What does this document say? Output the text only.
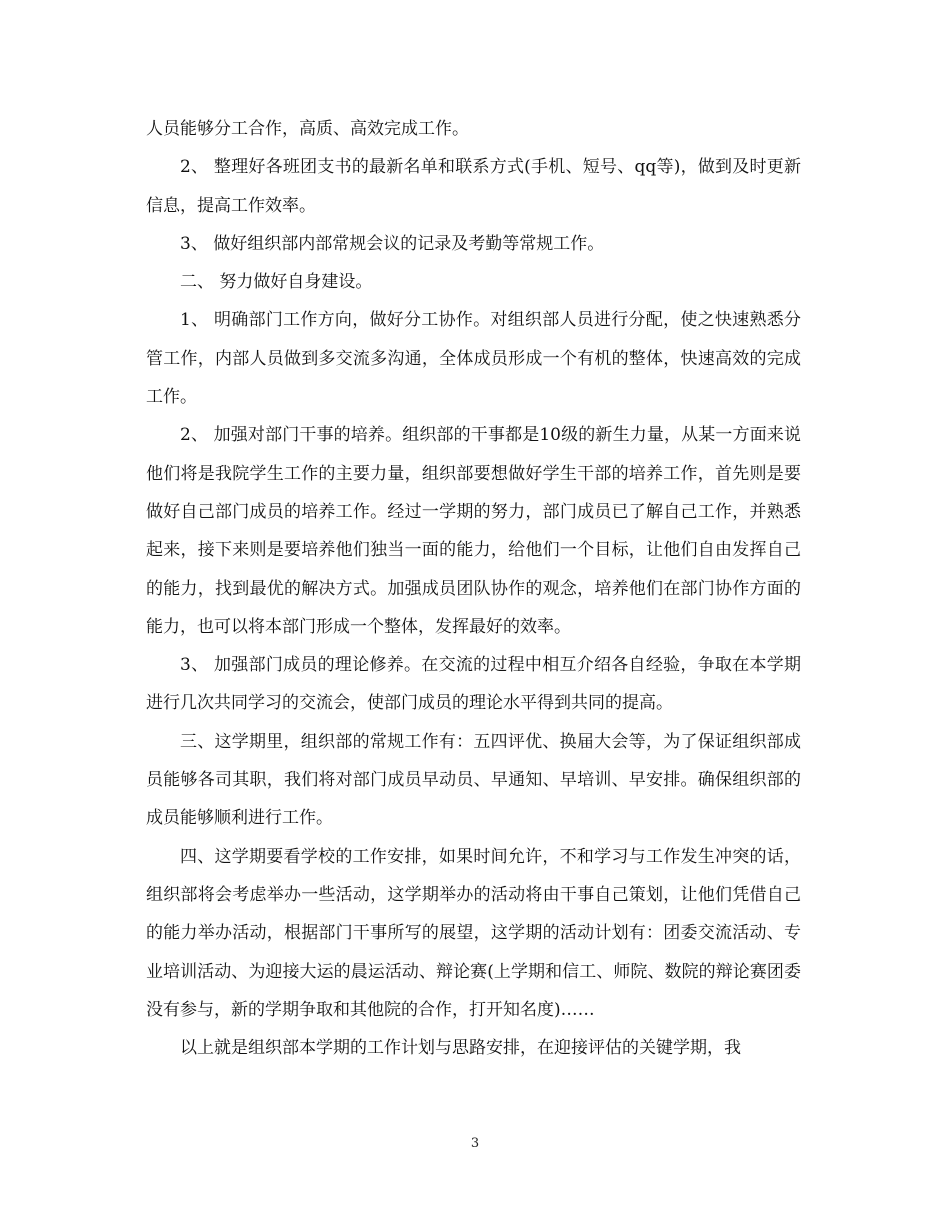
人员能够分工合作，高质、高效完成工作。

2、 整理好各班团支书的最新名单和联系方式(手机、短号、qq等)，做到及时更新信息，提高工作效率。

3、 做好组织部内部常规会议的记录及考勤等常规工作。

二、 努力做好自身建设。

1、 明确部门工作方向，做好分工协作。对组织部人员进行分配，使之快速熟悉分管工作，内部人员做到多交流多沟通，全体成员形成一个有机的整体，快速高效的完成工作。

2、 加强对部门干事的培养。组织部的干事都是10级的新生力量，从某一方面来说他们将是我院学生工作的主要力量，组织部要想做好学生干部的培养工作，首先则是要做好自己部门成员的培养工作。经过一学期的努力，部门成员已了解自己工作，并熟悉起来，接下来则是要培养他们独当一面的能力，给他们一个目标，让他们自由发挥自己的能力，找到最优的解决方式。加强成员团队协作的观念，培养他们在部门协作方面的能力，也可以将本部门形成一个整体，发挥最好的效率。

3、 加强部门成员的理论修养。在交流的过程中相互介绍各自经验，争取在本学期进行几次共同学习的交流会，使部门成员的理论水平得到共同的提高。

三、这学期里，组织部的常规工作有：五四评优、换届大会等，为了保证组织部成员能够各司其职，我们将对部门成员早动员、早通知、早培训、早安排。确保组织部的成员能够顺利进行工作。

四、这学期要看学校的工作安排，如果时间允许，不和学习与工作发生冲突的话，组织部将会考虑举办一些活动，这学期举办的活动将由干事自己策划，让他们凭借自己的能力举办活动，根据部门干事所写的展望，这学期的活动计划有：团委交流活动、专业培训活动、为迎接大运的晨运活动、辩论赛(上学期和信工、师院、数院的辩论赛团委没有参与，新的学期争取和其他院的合作，打开知名度)……

以上就是组织部本学期的工作计划与思路安排，在迎接评估的关键学期，我

3
